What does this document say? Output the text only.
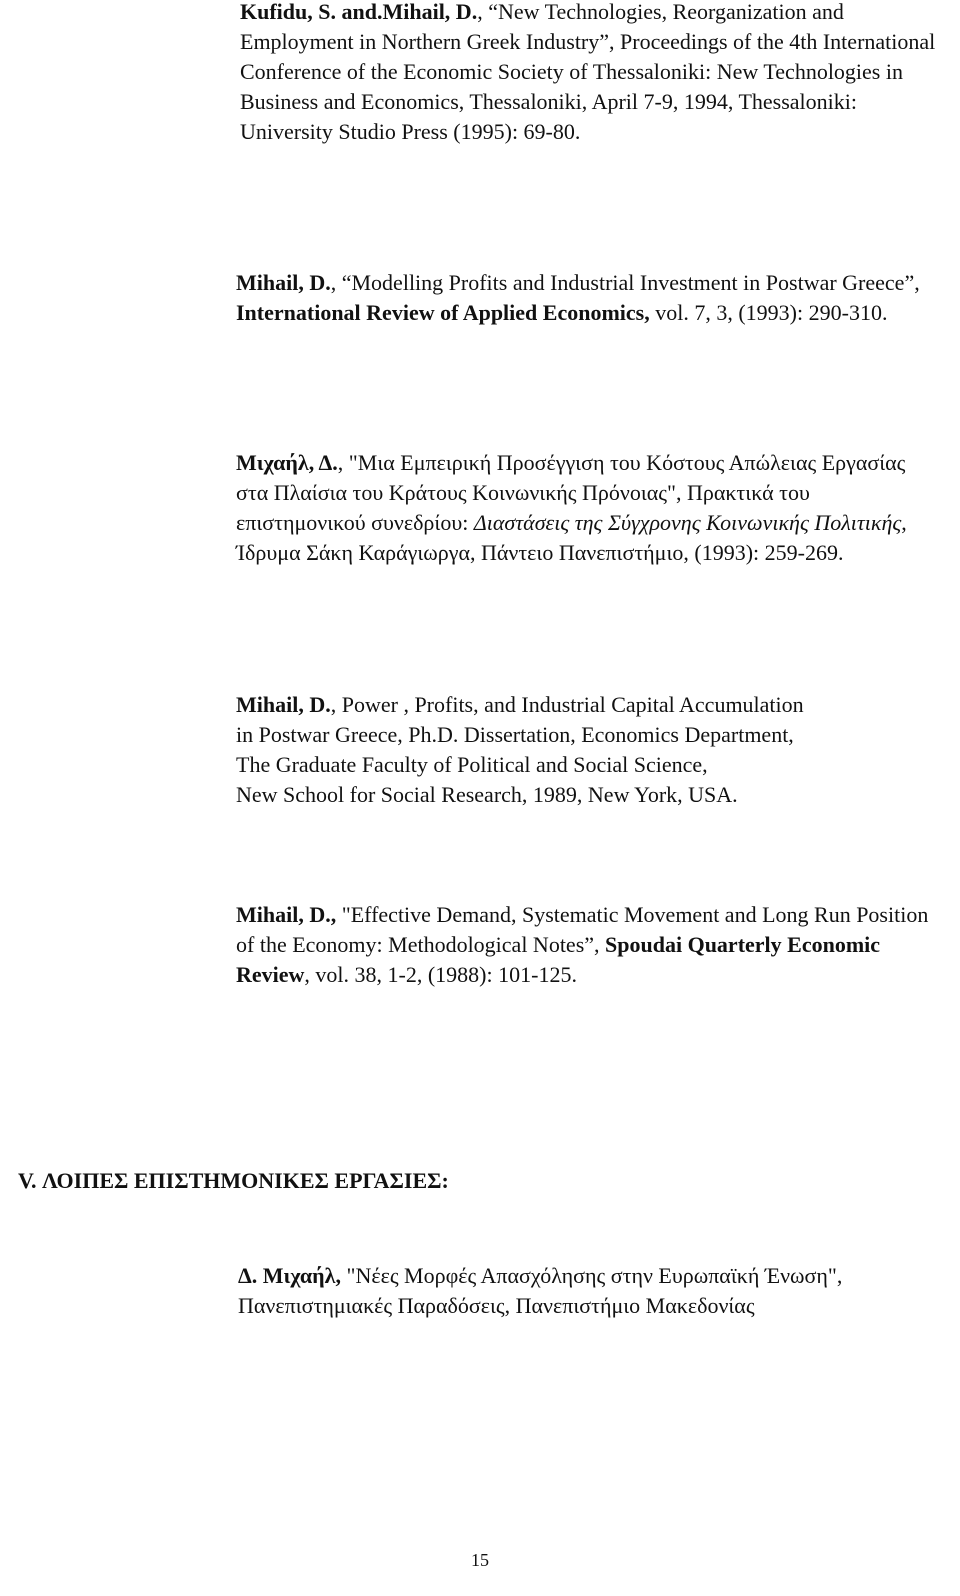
Kufidu, S. and.Mihail, D., “New Technologies, Reorganization and Employment in Northern Greek Industry”, Proceedings of the 4th International Conference of the Economic Society of Thessaloniki: New Technologies in Business and Economics, Thessaloniki, April 7-9, 1994, Thessaloniki: University Studio Press (1995): 69-80.

Mihail, D., “Modelling Profits and Industrial Investment in Postwar Greece”, International Review of Applied Economics, vol. 7, 3, (1993): 290-310.

Μιχαήλ, Δ., "Μια Εμπειρική Προσέγγιση του Κόστους Απώλειας Εργασίας στα Πλαίσια του Κράτους Κοινωνικής Πρόνοιας", Πρακτικά του επιστημονικού συνεδρίου: Διαστάσεις της Σύγχρονης Κοινωνικής Πολιτικής, Ίδρυμα Σάκη Καράγιωργα, Πάντειο Πανεπιστήμιο, (1993): 259-269.

Mihail, D., Power , Profits, and Industrial Capital Accumulation
in Postwar Greece, Ph.D. Dissertation, Economics Department,
The Graduate Faculty of Political and Social Science,
New School for Social Research, 1989, New York, USA.

Mihail, D., "Effective Demand, Systematic Movement and Long Run Position of the Economy: Methodological Notes”, Spoudai Quarterly Economic Review, vol. 38, 1-2, (1988): 101-125.

V. ΛΟΙΠΕΣ ΕΠΙΣΤΗΜΟΝΙΚΕΣ ΕΡΓΑΣΙΕΣ:

Δ. Μιχαήλ, "Νέες Μορφές Απασχόλησης στην Ευρωπαϊκή Ένωση", Πανεπιστημιακές Παραδόσεις, Πανεπιστήμιο Μακεδονίας

15
